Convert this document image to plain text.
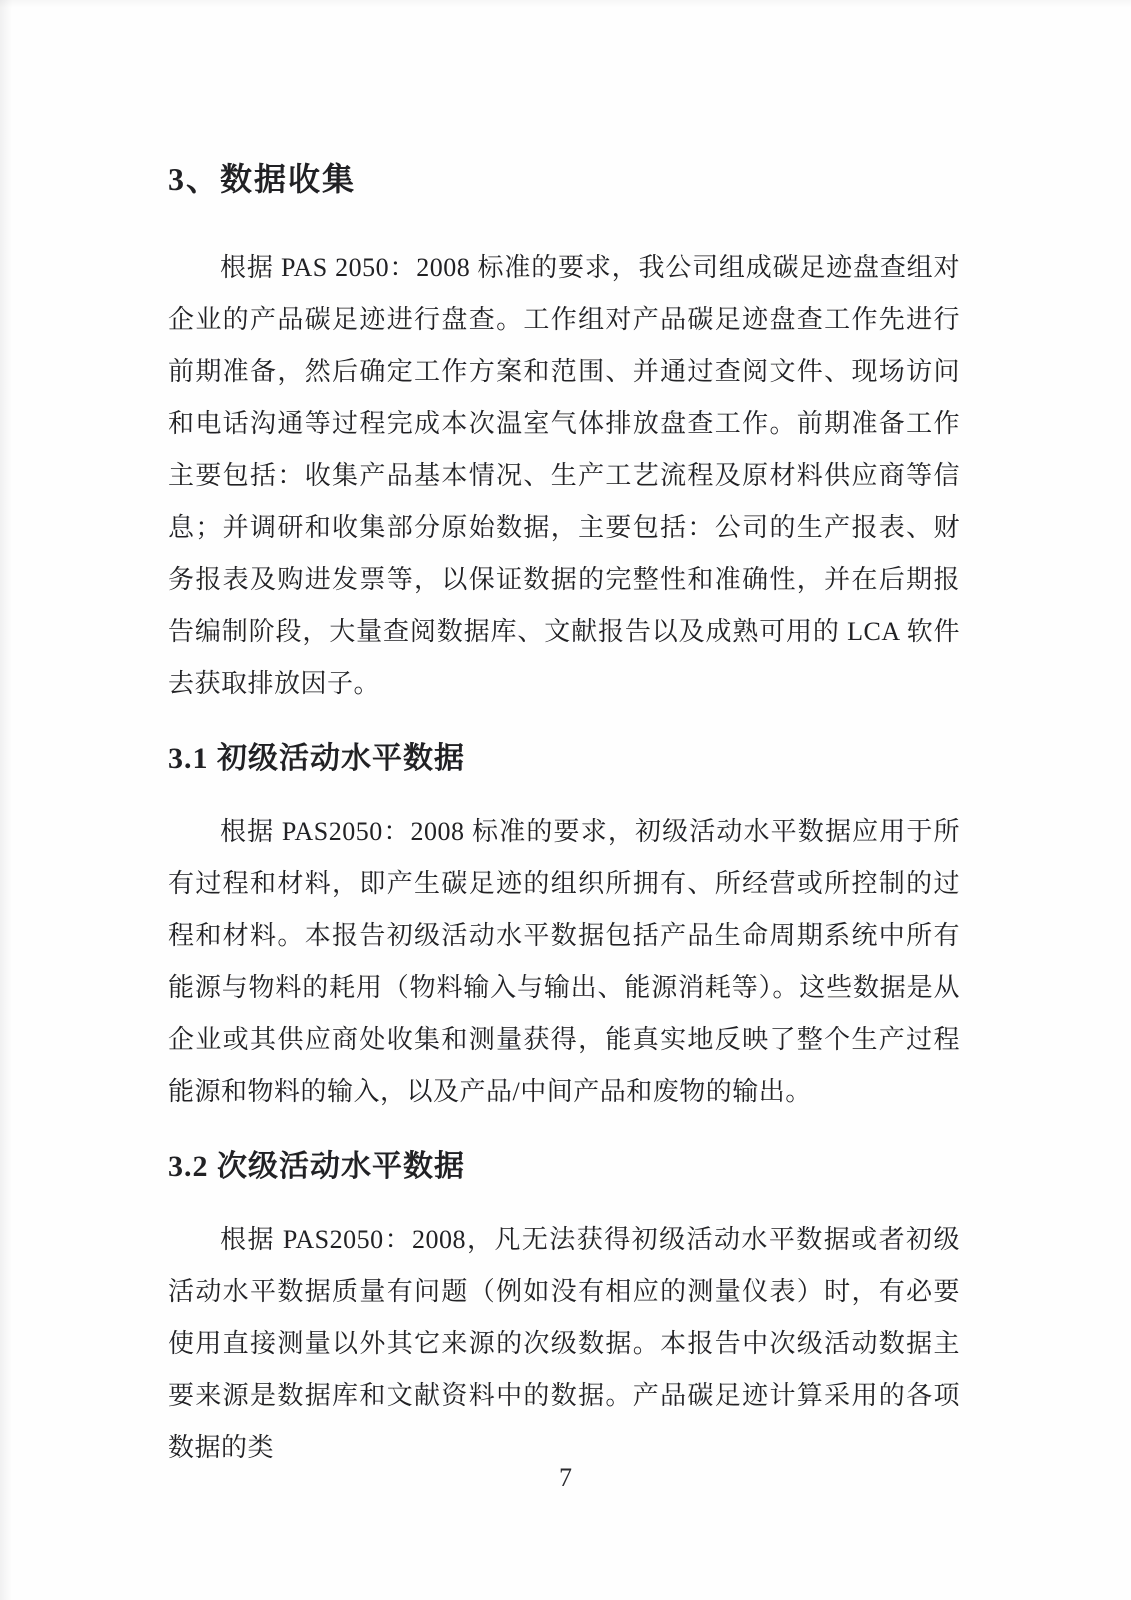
3、数据收集

根据 PAS 2050：2008 标准的要求，我公司组成碳足迹盘查组对企业的产品碳足迹进行盘查。工作组对产品碳足迹盘查工作先进行前期准备，然后确定工作方案和范围、并通过查阅文件、现场访问和电话沟通等过程完成本次温室气体排放盘查工作。前期准备工作主要包括：收集产品基本情况、生产工艺流程及原材料供应商等信息；并调研和收集部分原始数据，主要包括：公司的生产报表、财务报表及购进发票等，以保证数据的完整性和准确性，并在后期报告编制阶段，大量查阅数据库、文献报告以及成熟可用的 LCA 软件去获取排放因子。

3.1 初级活动水平数据

根据 PAS2050：2008 标准的要求，初级活动水平数据应用于所有过程和材料，即产生碳足迹的组织所拥有、所经营或所控制的过程和材料。本报告初级活动水平数据包括产品生命周期系统中所有能源与物料的耗用（物料输入与输出、能源消耗等）。这些数据是从企业或其供应商处收集和测量获得，能真实地反映了整个生产过程能源和物料的输入，以及产品/中间产品和废物的输出。

3.2 次级活动水平数据

根据 PAS2050：2008，凡无法获得初级活动水平数据或者初级活动水平数据质量有问题（例如没有相应的测量仪表）时，有必要使用直接测量以外其它来源的次级数据。本报告中次级活动数据主要来源是数据库和文献资料中的数据。产品碳足迹计算采用的各项数据的类

7
